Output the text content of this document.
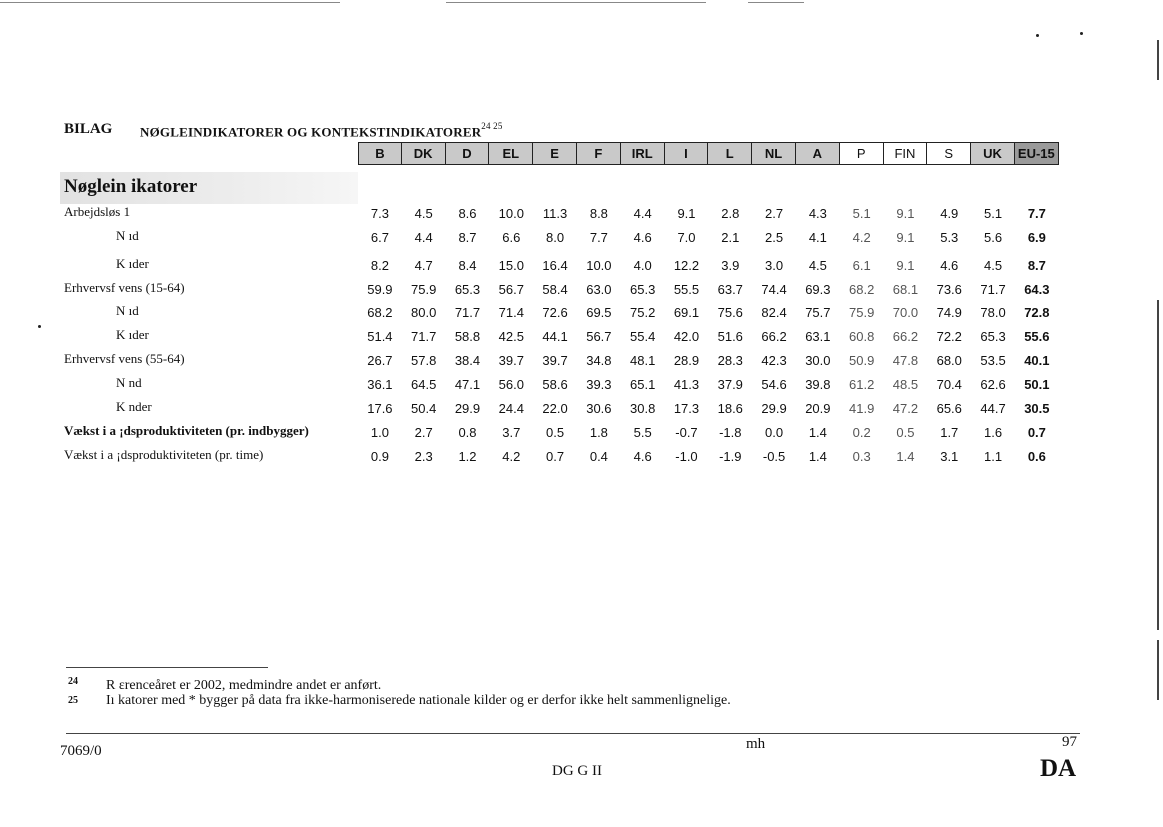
BILAG NØGLEINDIKATORER OG $KONTEKSTINDIKATORER^{24 25}$
B	DK	D	EL	E	F	IRL	I	L	NL	A	P	FIN	S	UK	EU-15
Nøglein ikatorer
Arbejdsløs 1	7.3	4.5	8.6	10.0	11.3	8.8	4.4	9.1	2.8	2.7	4.3	5.1	9.1	4.9	5.1	7.7
N ıd	6.7	4.4	8.7	6.6	8.0	7.7	4.6	7.0	2.1	2.5	4.1	4.2	9.1	5.3	5.6	6.9
K ıder	8.2	4.7	8.4	15.0	16.4	10.0	4.0	12.2	3.9	3.0	4.5	6.1	9.1	4.6	4.5	8.7
Erhvervsf vens (15-64)	59.9	75.9	65.3	56.7	58.4	63.0	65.3	55.5	63.7	74.4	69.3	68.2	68.1	73.6	71.7	64.3
N ıd	68.2	80.0	71.7	71.4	72.6	69.5	75.2	69.1	75.6	82.4	75.7	75.9	70.0	74.9	78.0	72.8
K ıder	51.4	71.7	58.8	42.5	44.1	56.7	55.4	42.0	51.6	66.2	63.1	60.8	66.2	72.2	65.3	55.6
Erhvervsf vens (55-64)	26.7	57.8	38.4	39.7	39.7	34.8	48.1	28.9	28.3	42.3	30.0	50.9	47.8	68.0	53.5	40.1
N nd	36.1	64.5	47.1	56.0	58.6	39.3	65.1	41.3	37.9	54.6	39.8	61.2	48.5	70.4	62.6	50.1
K nder	17.6	50.4	29.9	24.4	22.0	30.6	30.8	17.3	18.6	29.9	20.9	41.9	47.2	65.6	44.7	30.5
Vækst i a ¡dsproduktiviteten (pr. indbygger)	1.0	2.7	0.8	3.7	0.5	1.8	5.5	-0.7	-1.8	0.0	1.4	0.2	0.5	1.7	1.6	0.7
Vækst i a ¡dsproduktiviteten (pr. time)	0.9	2.3	1.2	4.2	0.7	0.4	4.6	-1.0	-1.9	-0.5	1.4	0.3	1.4	3.1	1.1	0.6
24 R ɛrenceåret er 2002, medmindre andet er anført.
25 Iı katorer med * bygger på data fra ikke-harmoniserede nationale kilder og er derfor ikke helt sammenlignelige.
7069/0	mh	97
DG G II	DA
